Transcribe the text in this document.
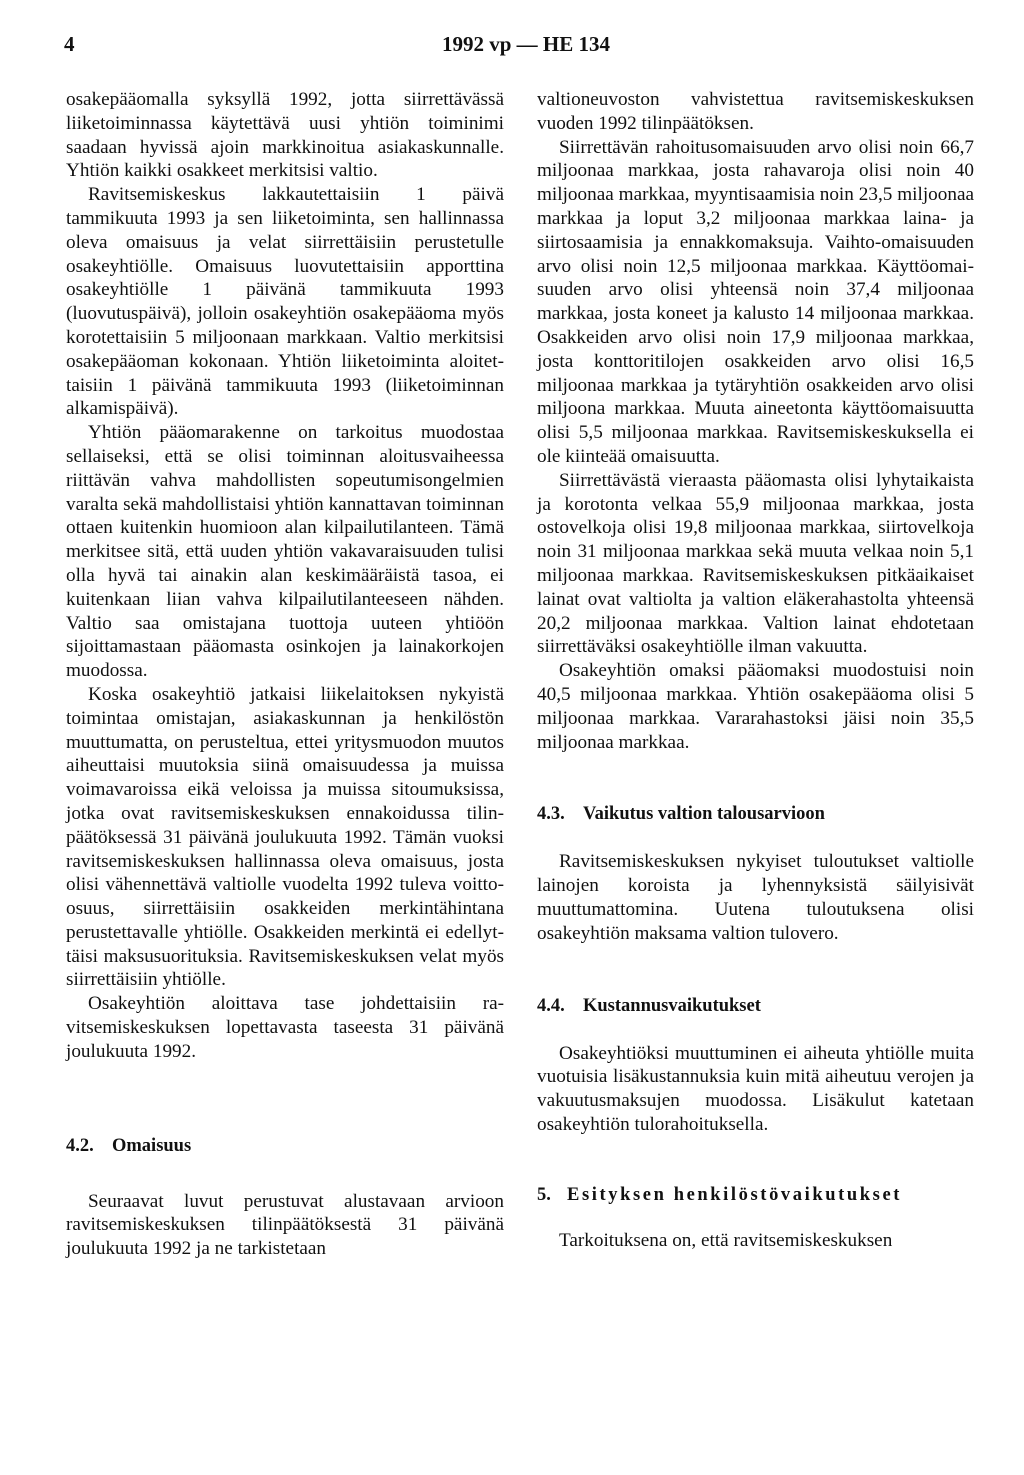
4	1992 vp — HE 134

osakepääomalla syksyllä 1992, jotta siirrettävässä liiketoiminnassa käytettävä uusi yhtiön toiminimi saadaan hyvissä ajoin markkinoitua asiakaskunnalle. Yhtiön kaikki osakkeet merkitsisi valtio.

Ravitsemiskeskus lakkautettaisiin 1 päivä tammikuuta 1993 ja sen liiketoiminta, sen hallinnassa oleva omaisuus ja velat siirrettäisiin perustetulle osakeyhtiölle. Omaisuus luovutettaisiin apporttina osakeyhtiölle 1 päivänä tammikuuta 1993 (luovutuspäivä), jolloin osakeyhtiön osakepääoma myös korotettaisiin 5 miljoonaan markkaan. Valtio merkitsisi osakepääoman kokonaan. Yhtiön liiketoiminta aloitettaisiin 1 päivänä tammikuuta 1993 (liiketoiminnan alkamispäivä).

Yhtiön pääomarakenne on tarkoitus muodostaa sellaiseksi, että se olisi toiminnan aloitusvaiheessa riittävän vahva mahdollisten sopeutumisongelmien varalta sekä mahdollistaisi yhtiön kannattavan toiminnan ottaen kuitenkin huomioon alan kilpailutilanteen. Tämä merkitsee sitä, että uuden yhtiön vakavaraisuuden tulisi olla hyvä tai ainakin alan keskimääräistä tasoa, ei kuitenkaan liian vahva kilpailutilanteeseen nähden. Valtio saa omistajana tuottoja uuteen yhtiöön sijoittamastaan pääomasta osinkojen ja lainakorkojen muodossa.

Koska osakeyhtiö jatkaisi liikelaitoksen nykyistä toimintaa omistajan, asiakaskunnan ja henkilöstön muuttumatta, on perusteltua, ettei yritysmuodon muutos aiheuttaisi muutoksia siinä omaisuudessa ja muissa voimavaroissa eikä veloissa ja muissa sitoumuksissa, jotka ovat ravitsemiskeskuksen ennakoidussa tilinpäätöksessä 31 päivänä joulukuuta 1992. Tämän vuoksi ravitsemiskeskuksen hallinnassa oleva omaisuus, josta olisi vähennettävä valtiolle vuodelta 1992 tuleva voitto-osuus, siirrettäisiin osakkeiden merkintähintana perustettavalle yhtiölle. Osakkeiden merkintä ei edellyttäisi maksusuorituksia. Ravitsemiskeskuksen velat myös siirrettäisiin yhtiölle.

Osakeyhtiön aloittava tase johdettaisiin ravitsemiskeskuksen lopettavasta taseesta 31 päivänä joulukuuta 1992.

4.2. Omaisuus

Seuraavat luvut perustuvat alustavaan arvioon ravitsemiskeskuksen tilinpäätöksestä 31 päivänä joulukuuta 1992 ja ne tarkistetaan

valtioneuvoston vahvistettua ravitsemiskeskuksen vuoden 1992 tilinpäätöksen.

Siirrettävän rahoitusomaisuuden arvo olisi noin 66,7 miljoonaa markkaa, josta rahavaroja olisi noin 40 miljoonaa markkaa, myyntisaamisia noin 23,5 miljoonaa markkaa ja loput 3,2 miljoonaa markkaa laina- ja siirtosaamisia ja ennakkomaksuja. Vaihto-omaisuuden arvo olisi noin 12,5 miljoonaa markkaa. Käyttöomaisuuden arvo olisi yhteensä noin 37,4 miljoonaa markkaa, josta koneet ja kalusto 14 miljoonaa markkaa. Osakkeiden arvo olisi noin 17,9 miljoonaa markkaa, josta konttoritilojen osakkeiden arvo olisi 16,5 miljoonaa markkaa ja tytäryhtiön osakkeiden arvo olisi miljoona markkaa. Muuta aineetonta käyttöomaisuutta olisi 5,5 miljoonaa markkaa. Ravitsemiskeskuksella ei ole kiinteää omaisuutta.

Siirrettävästä vieraasta pääomasta olisi lyhytaikaista ja korotonta velkaa 55,9 miljoonaa markkaa, josta ostovelkoja olisi 19,8 miljoonaa markkaa, siirtovelkoja noin 31 miljoonaa markkaa sekä muuta velkaa noin 5,1 miljoonaa markkaa. Ravitsemiskeskuksen pitkäaikaiset lainat ovat valtiolta ja valtion eläkerahastolta yhteensä 20,2 miljoonaa markkaa. Valtion lainat ehdotetaan siirrettäväksi osakeyhtiölle ilman vakuutta.

Osakeyhtiön omaksi pääomaksi muodostuisi noin 40,5 miljoonaa markkaa. Yhtiön osakepääoma olisi 5 miljoonaa markkaa. Vararahastoksi jäisi noin 35,5 miljoonaa markkaa.

4.3. Vaikutus valtion talousarvioon

Ravitsemiskeskuksen nykyiset tuloutukset valtiolle lainojen koroista ja lyhennyksistä säilyisivät muuttumattomina. Uutena tuloutuksena olisi osakeyhtiön maksama valtion tulovero.

4.4. Kustannusvaikutukset

Osakeyhtiöksi muuttuminen ei aiheuta yhtiölle muita vuotuisia lisäkustannuksia kuin mitä aiheutuu verojen ja vakuutusmaksujen muodossa. Lisäkulut katetaan osakeyhtiön tulorahoituksella.

5. Esityksen henkilöstövaikutukset

Tarkoituksena on, että ravitsemiskeskuksen
